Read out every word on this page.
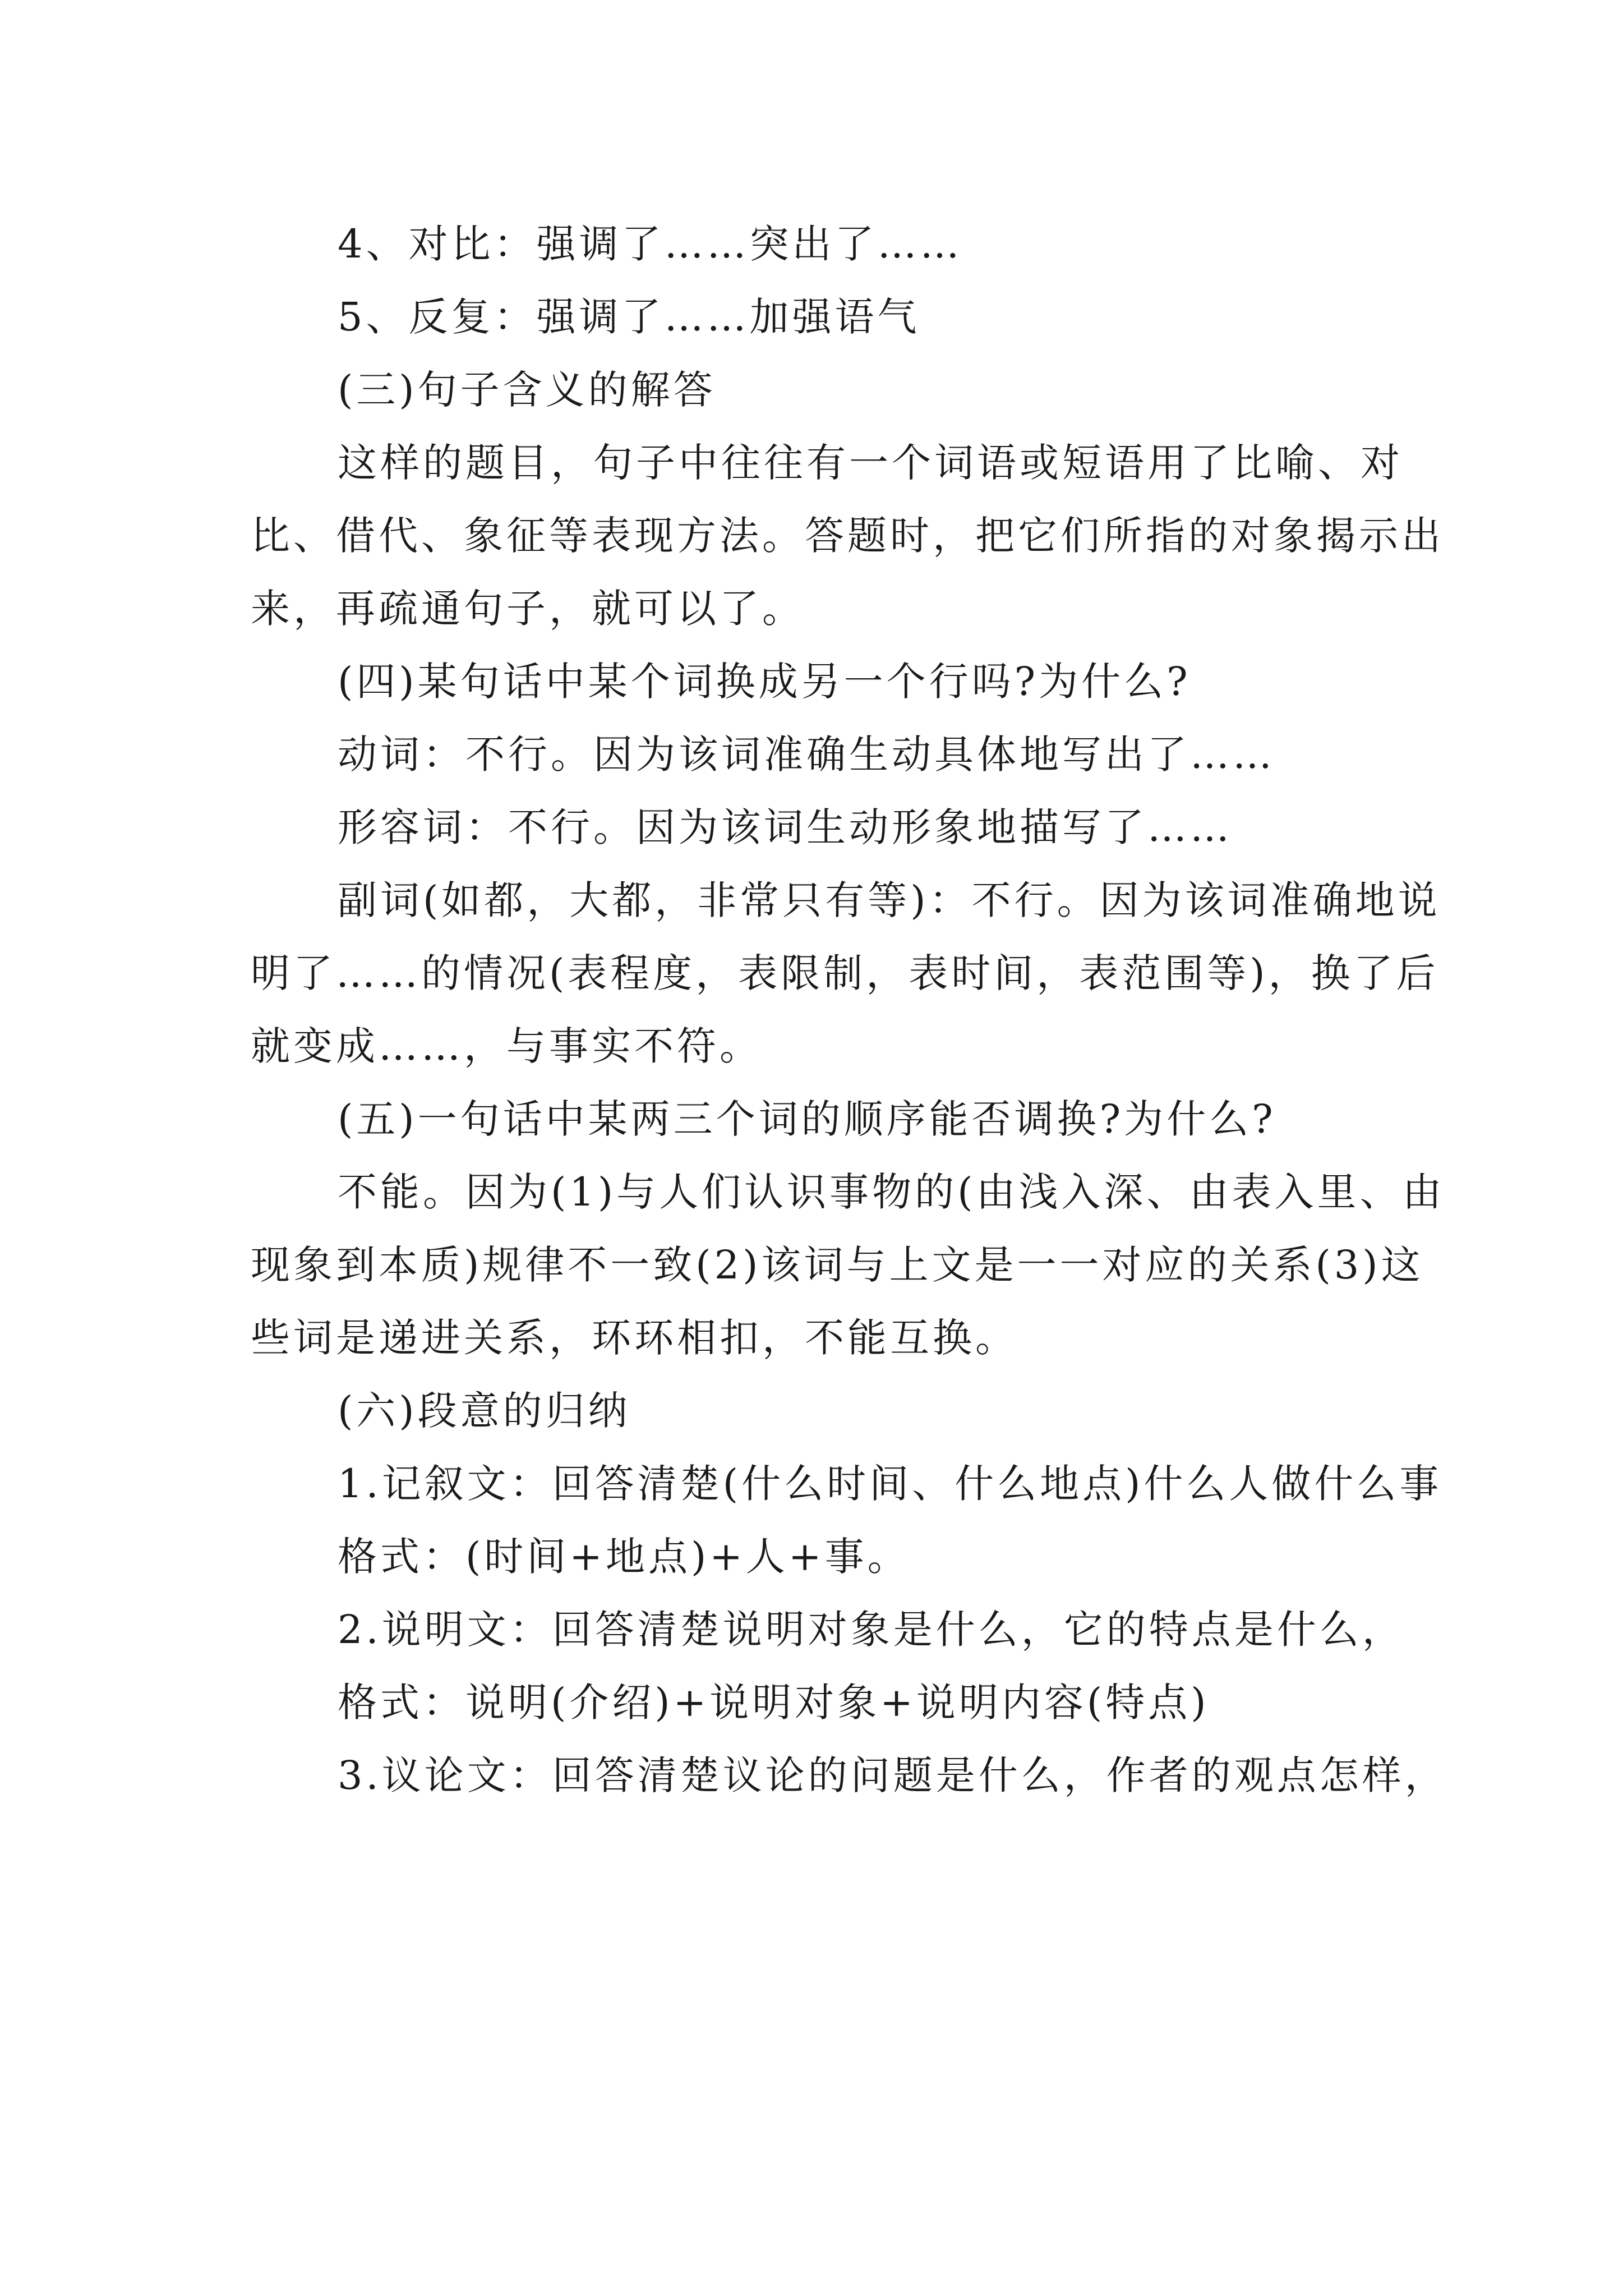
4、对比：强调了……突出了……

5、反复：强调了……加强语气

(三)句子含义的解答

这样的题目，句子中往往有一个词语或短语用了比喻、对比、借代、象征等表现方法。答题时，把它们所指的对象揭示出来，再疏通句子，就可以了。

(四)某句话中某个词换成另一个行吗?为什么?

动词：不行。因为该词准确生动具体地写出了……

形容词：不行。因为该词生动形象地描写了……

副词(如都，大都，非常只有等)：不行。因为该词准确地说明了……的情况(表程度，表限制，表时间，表范围等)，换了后就变成……，与事实不符。

(五)一句话中某两三个词的顺序能否调换?为什么?

不能。因为(1)与人们认识事物的(由浅入深、由表入里、由现象到本质)规律不一致(2)该词与上文是一一对应的关系(3)这些词是递进关系，环环相扣，不能互换。

(六)段意的归纳

1.记叙文：回答清楚(什么时间、什么地点)什么人做什么事

格式：(时间+地点)+人+事。

2.说明文：回答清楚说明对象是什么，它的特点是什么，

格式：说明(介绍)+说明对象+说明内容(特点)

3.议论文：回答清楚议论的问题是什么，作者的观点怎样，
